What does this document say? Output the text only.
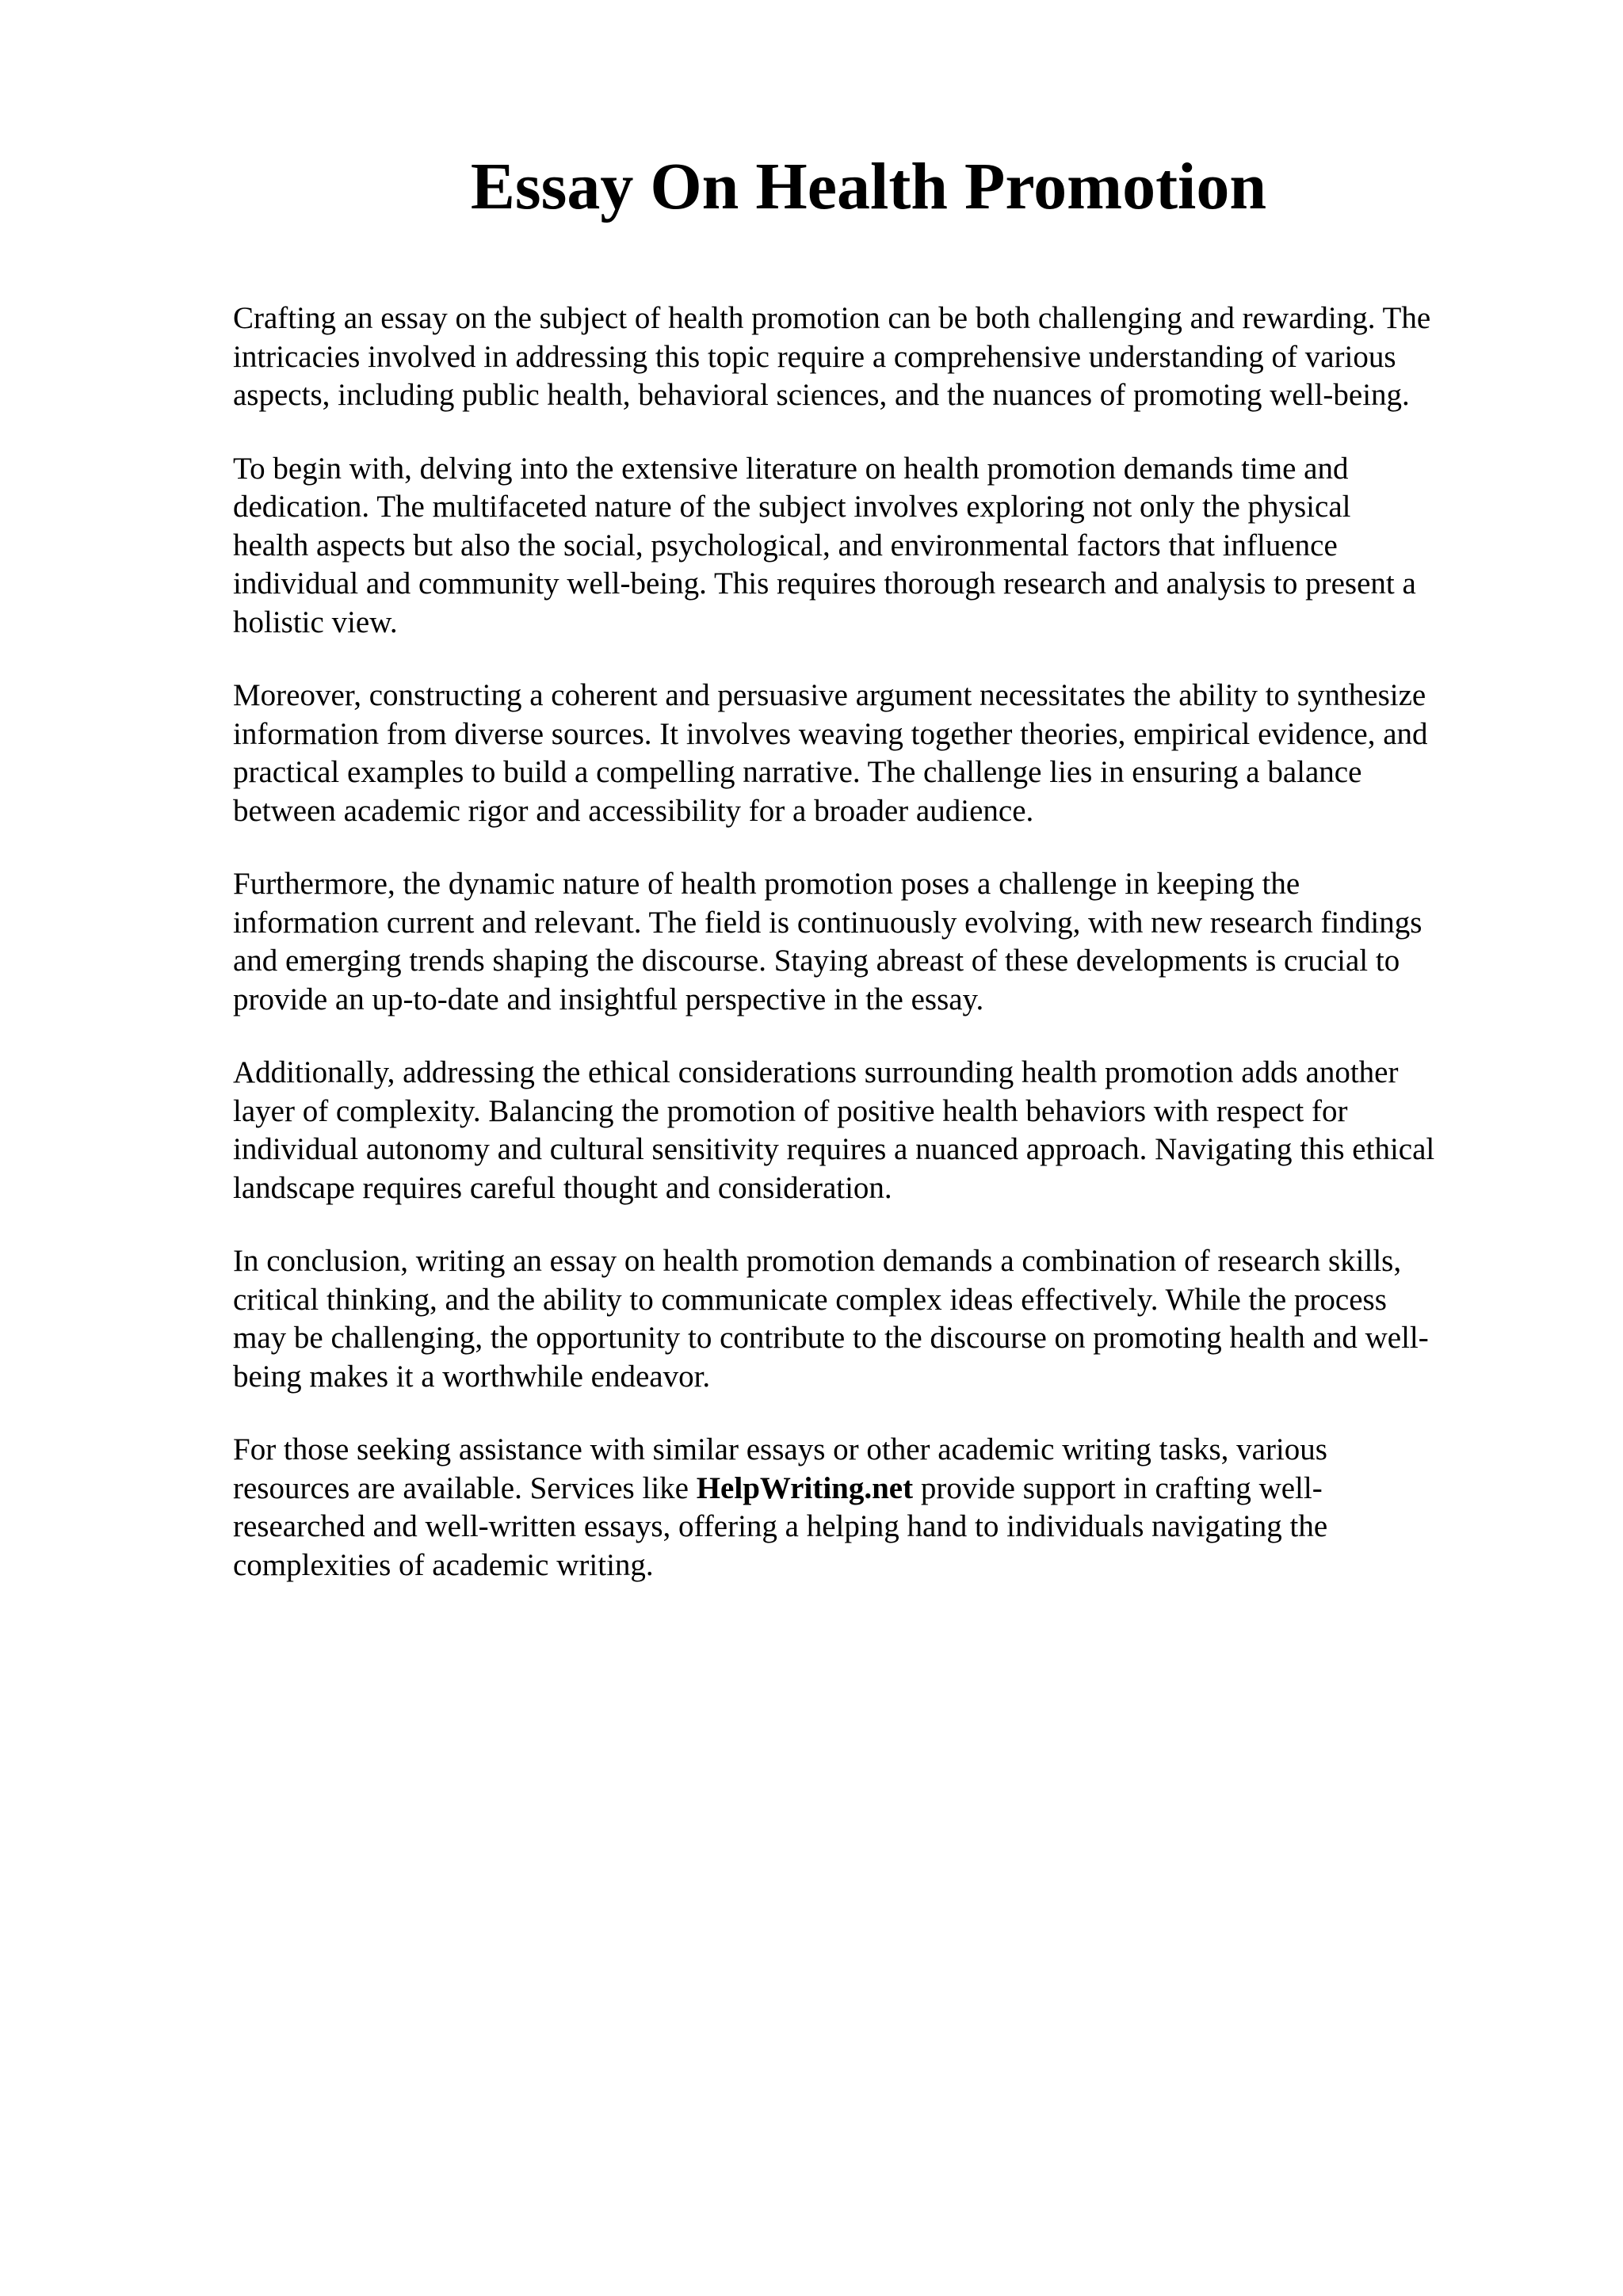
Essay On Health Promotion

Crafting an essay on the subject of health promotion can be both challenging and rewarding. The
intricacies involved in addressing this topic require a comprehensive understanding of various
aspects, including public health, behavioral sciences, and the nuances of promoting well-being.

To begin with, delving into the extensive literature on health promotion demands time and
dedication. The multifaceted nature of the subject involves exploring not only the physical
health aspects but also the social, psychological, and environmental factors that influence
individual and community well-being. This requires thorough research and analysis to present a
holistic view.

Moreover, constructing a coherent and persuasive argument necessitates the ability to synthesize
information from diverse sources. It involves weaving together theories, empirical evidence, and
practical examples to build a compelling narrative. The challenge lies in ensuring a balance
between academic rigor and accessibility for a broader audience.

Furthermore, the dynamic nature of health promotion poses a challenge in keeping the
information current and relevant. The field is continuously evolving, with new research findings
and emerging trends shaping the discourse. Staying abreast of these developments is crucial to
provide an up-to-date and insightful perspective in the essay.

Additionally, addressing the ethical considerations surrounding health promotion adds another
layer of complexity. Balancing the promotion of positive health behaviors with respect for
individual autonomy and cultural sensitivity requires a nuanced approach. Navigating this ethical
landscape requires careful thought and consideration.

In conclusion, writing an essay on health promotion demands a combination of research skills,
critical thinking, and the ability to communicate complex ideas effectively. While the process
may be challenging, the opportunity to contribute to the discourse on promoting health and well-
being makes it a worthwhile endeavor.

For those seeking assistance with similar essays or other academic writing tasks, various
resources are available. Services like HelpWriting.net provide support in crafting well-
researched and well-written essays, offering a helping hand to individuals navigating the
complexities of academic writing.
